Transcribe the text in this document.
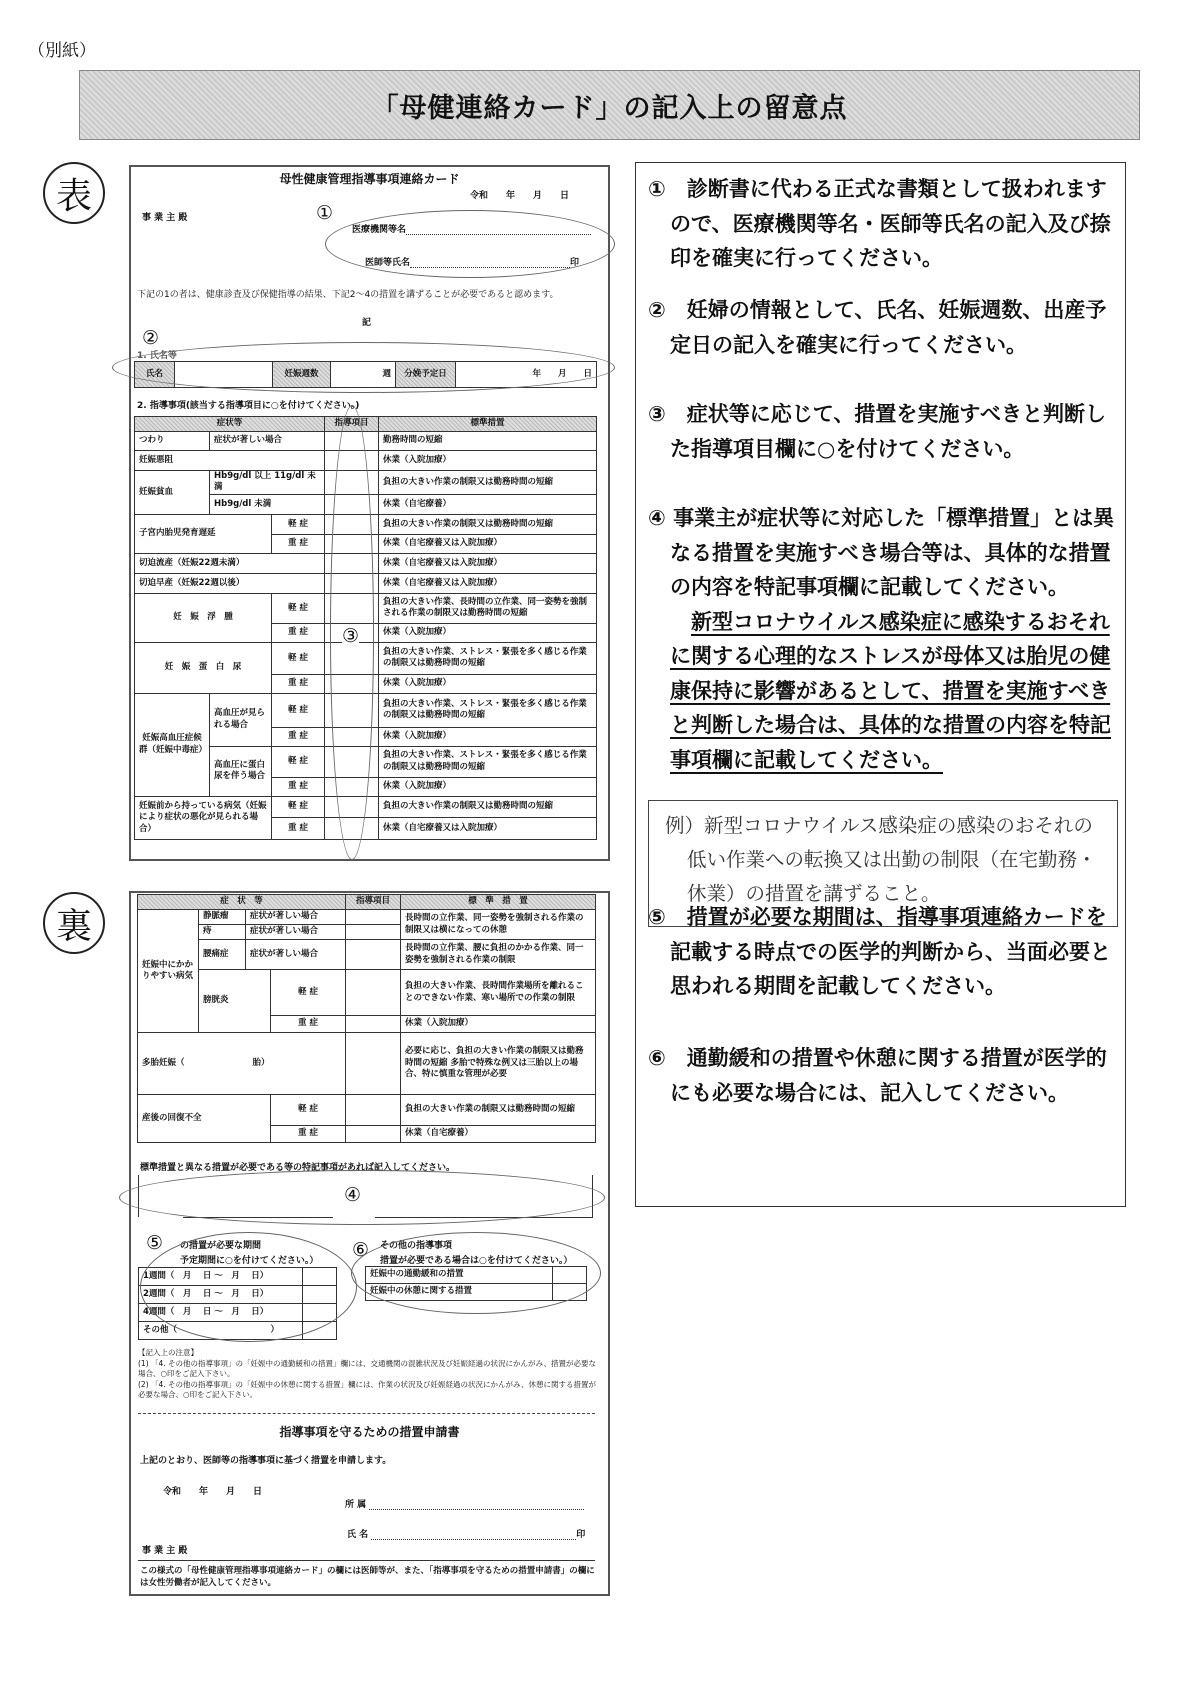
（別紙）
「母健連絡カード」の記入上の留意点
表
裏
母性健康管理指導事項連絡カード
令和　　年　　月　　日
事 業 主 殿	①
医療機関等名
医師等氏名	印
下記の1の者は、健康診査及び保健指導の結果、下記2～4の措置を講ずることが必要であると認めます。
記
②
1. 氏名等
氏名		妊娠週数	週	分娩予定日	年　　月　　日
2. 指導事項(該当する指導項目に○を付けてください。)
症状等			指導項目	標準措置
つわり	症状が著しい場合			勤務時間の短縮
妊娠悪阻				休業（入院加療）
妊娠貧血	Hb9g/dl 以上 11g/dl 未満			負担の大きい作業の制限又は勤務時間の短縮
	Hb9g/dl 未満			休業（自宅療養）
子宮内胎児発育遅延		軽 症		負担の大きい作業の制限又は勤務時間の短縮
		重 症		休業（自宅療養又は入院加療）
切迫流産（妊娠22週未満）				休業（自宅療養又は入院加療）
切迫早産（妊娠22週以後）				休業（自宅療養又は入院加療）
妊　娠　浮　腫		軽 症		負担の大きい作業、長時間の立作業、同一姿勢を強制される作業の制限又は勤務時間の短縮
		重 症		休業（入院加療）
妊　娠　蛋　白　尿		軽 症		負担の大きい作業、ストレス・緊張を多く感じる作業の制限又は勤務時間の短縮
		重 症		休業（入院加療）
妊娠高血圧症候群（妊娠中毒症）	高血圧が見られる場合	軽 症		負担の大きい作業、ストレス・緊張を多く感じる作業の制限又は勤務時間の短縮
		重 症		休業（入院加療）
	高血圧に蛋白尿を伴う場合	軽 症		負担の大きい作業、ストレス・緊張を多く感じる作業の制限又は勤務時間の短縮
		重 症		休業（入院加療）
妊娠前から持っている病気（妊娠により症状の悪化が見られる場合）		軽 症		負担の大きい作業の制限又は勤務時間の短縮
		重 症		休業（自宅療養又は入院加療）
③
症　状　等				指導項目	標　準　措　置
妊娠中にかかりやすい病気	静脈瘤	症状が著しい場合			長時間の立作業、同一姿勢を強制される作業の制限又は横になっての休憩
	痔	症状が著しい場合			
	腰痛症	症状が著しい場合			長時間の立作業、腰に負担のかかる作業、同一姿勢を強制される作業の制限
	膀胱炎		軽 症		負担の大きい作業、長時間作業場所を離れることのできない作業、寒い場所での作業の制限
			重 症		休業（入院加療）
多胎妊娠（　　　　　　　　胎）					必要に応じ、負担の大きい作業の制限又は勤務時間の短縮 多胎で特殊な例又は三胎以上の場合、特に慎重な管理が必要
産後の回復不全			軽 症		負担の大きい作業の制限又は勤務時間の短縮
			重 症		休業（自宅療養）
標準措置と異なる措置が必要である等の特記事項があれば記入してください。
④
⑤ の措置が必要な期間
予定期間に○を付けてください。）
1週間（　月　 日 ～　月　 日）	
2週間（　月　 日 ～　月　 日）	
4週間（　月　 日 ～　月　 日）	
その他（　　　　　　　　　　　）	
⑥ その他の指導事項
措置が必要である場合は○を付けてください。）
妊娠中の通勤緩和の措置	
妊娠中の休憩に関する措置	
【記入上の注意】
(1) 「4. その他の指導事項」の「妊娠中の通勤緩和の措置」欄には、交通機関の混雑状況及び妊娠経過の状況にかんがみ、措置が必要な場合、○印をご記入下さい。
(2) 「4. その他の指導事項」の「妊娠中の休憩に関する措置」欄には、作業の状況及び妊娠経過の状況にかんがみ、休憩に関する措置が必要な場合、○印をご記入下さい。
指導事項を守るための措置申請書
上記のとおり、医師等の指導事項に基づく措置を申請します。
令和　　年　　月　　日
所 属
氏 名	印
事 業 主 殿
この様式の「母性健康管理指導事項連絡カード」の欄には医師等が、また、「指導事項を守るための措置申請書」の欄には女性労働者が記入してください。
①　診断書に代わる正式な書類として扱われますので、医療機関等名・医師等氏名の記入及び捺印を確実に行ってください。
②　妊婦の情報として、氏名、妊娠週数、出産予定日の記入を確実に行ってください。
③　症状等に応じて、措置を実施すべきと判断した指導項目欄に○を付けてください。
④ 事業主が症状等に対応した「標準措置」とは異なる措置を実施すべき場合等は、具体的な措置の内容を特記事項欄に記載してください。
新型コロナウイルス感染症に感染するおそれに関する心理的なストレスが母体又は胎児の健康保持に影響があるとして、措置を実施すべきと判断した場合は、具体的な措置の内容を特記事項欄に記載してください。
⑤　措置が必要な期間は、指導事項連絡カードを記載する時点での医学的判断から、当面必要と思われる期間を記載してください。
⑥　通勤緩和の措置や休憩に関する措置が医学的にも必要な場合には、記入してください。
例）新型コロナウイルス感染症の感染のおそれの低い作業への転換又は出勤の制限（在宅勤務・休業）の措置を講ずること。
